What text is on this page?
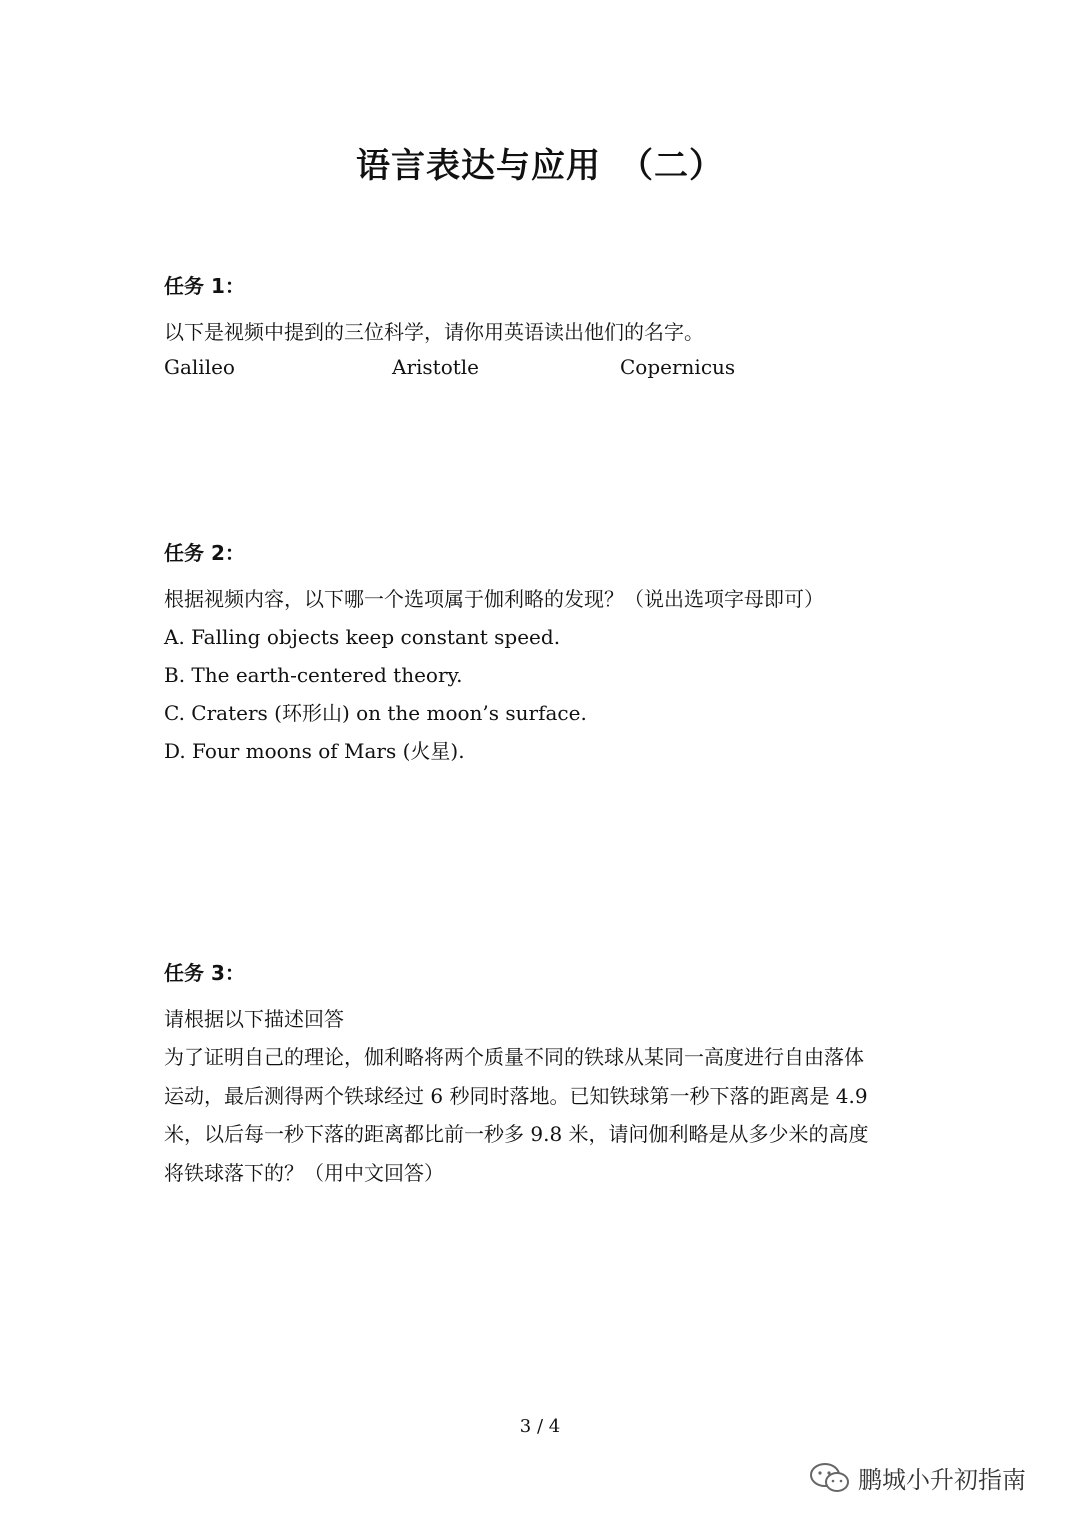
语言表达与应用　（二）
任务 1：

以下是视频中提到的三位科学，请你用英语读出他们的名字。

Galileo	Aristotle	Copernicus
任务 2：

根据视频内容，以下哪一个选项属于伽利略的发现？（说出选项字母即可）

A. Falling objects keep constant speed.

B. The earth-centered theory.

C. Craters (环形山) on the moon’s surface.

D. Four moons of Mars (火星).

任务 3：

请根据以下描述回答

为了证明自己的理论，伽利略将两个质量不同的铁球从某同一高度进行自由落体

运动，最后测得两个铁球经过 6 秒同时落地。已知铁球第一秒下落的距离是 4.9

米，以后每一秒下落的距离都比前一秒多 9.8 米，请问伽利略是从多少米的高度

将铁球落下的？（用中文回答）

3 / 4
鹏城小升初指南
